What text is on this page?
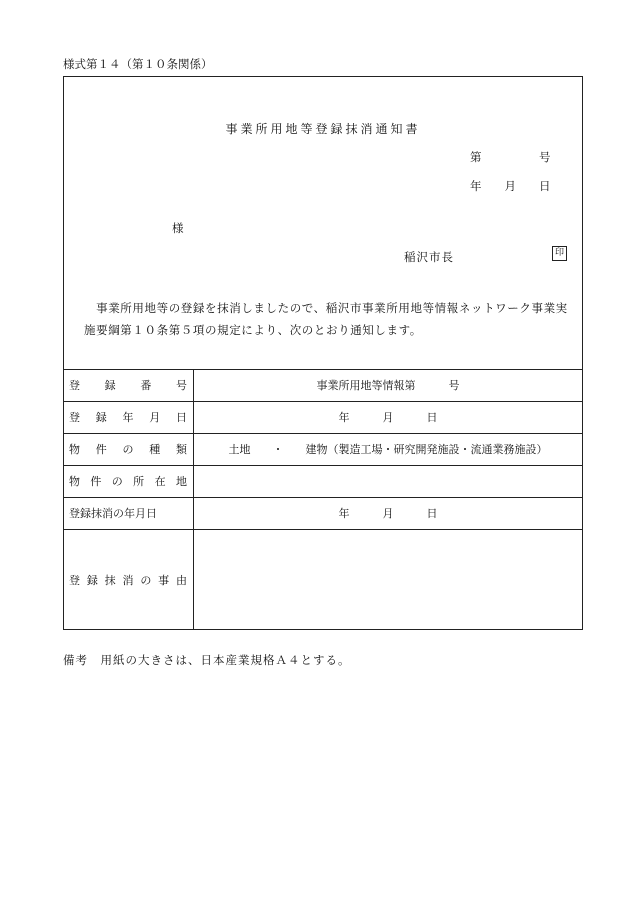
様式第１４（第１０条関係）
事業所用地等登録抹消通知書
第　　　　　号
年　　月　　日
様
稲沢市長	印
　事業所用地等の登録を抹消しましたので、稲沢市事業所用地等情報ネットワーク事業実施要綱第１０条第５項の規定により、次のとおり通知します。
登 録 番 号	事業所用地等情報第　　　号
登 録 年 月 日	年　　　月　　　日
物 件 の 種 類	土地　　・　　建物（製造工場・研究開発施設・流通業務施設）
物 件 の 所 在 地
登録抹消の年月日	年　　　月　　　日
登 録 抹 消 の 事 由
備考　用紙の大きさは、日本産業規格Ａ４とする。
